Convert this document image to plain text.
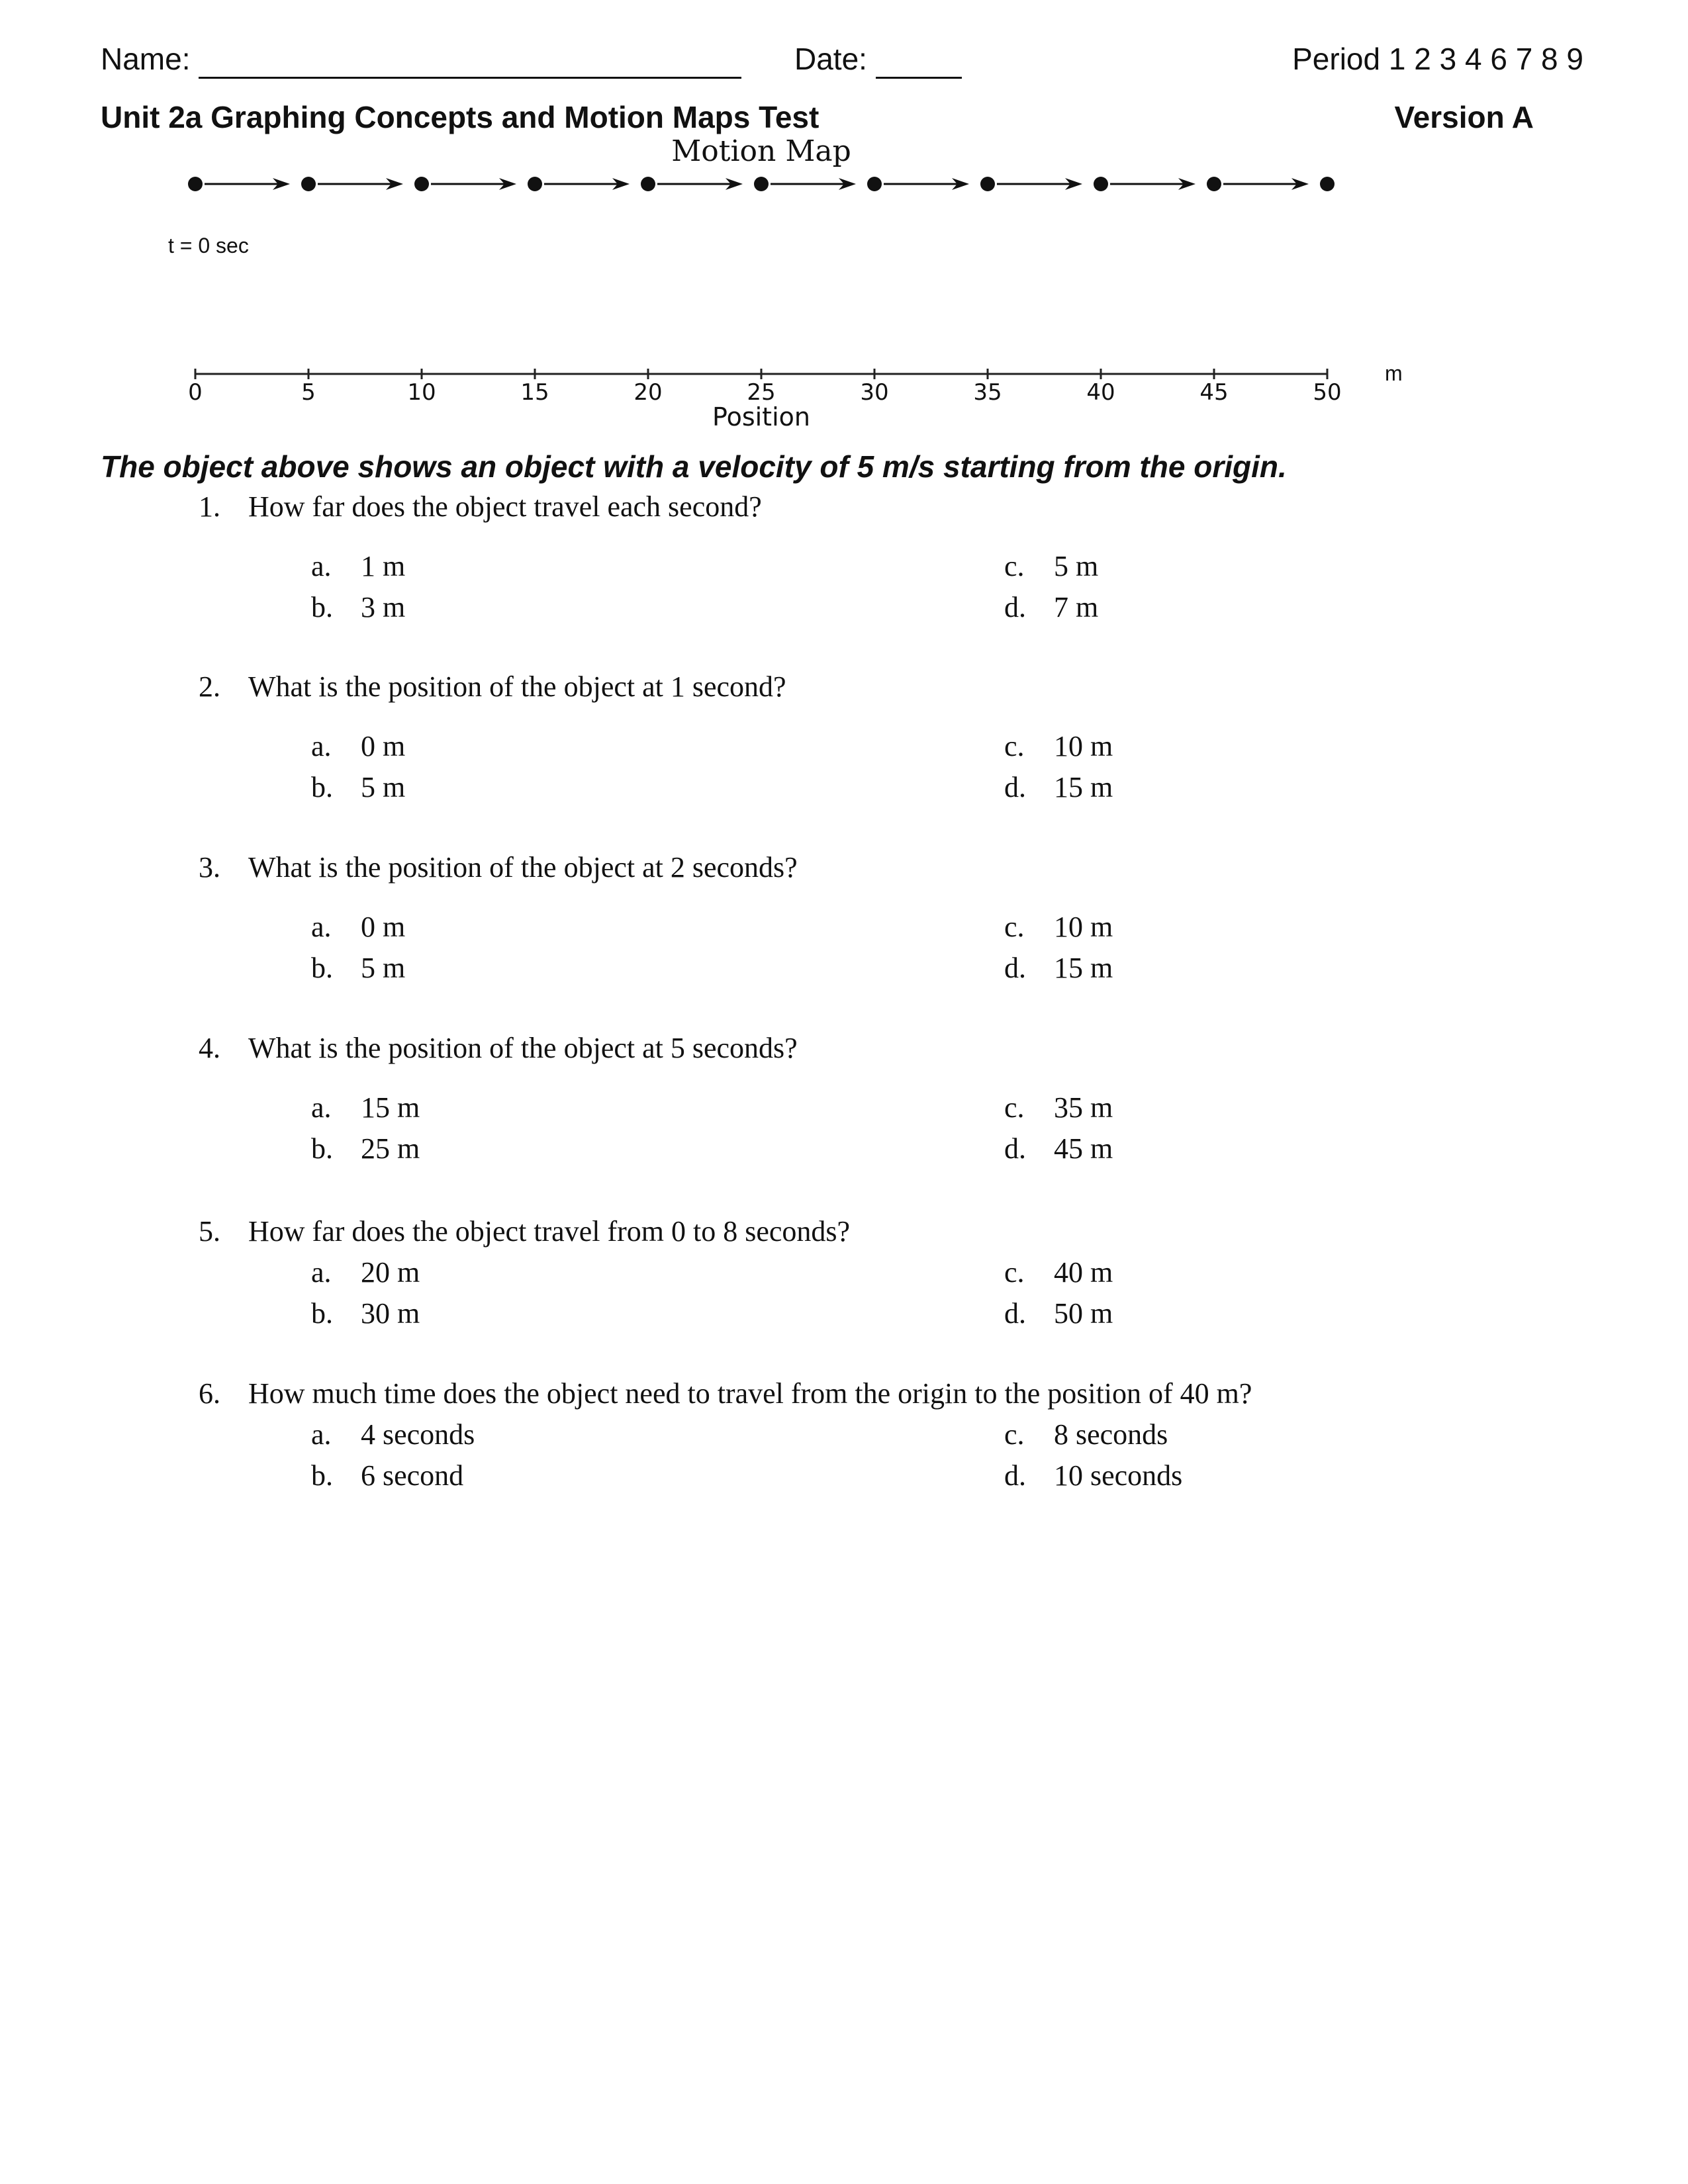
Name:	Date:	Period 1 2 3 4 6 7 8 9
Unit 2a Graphing Concepts and Motion Maps Test	Version A
Motion Map
t = 0 sec
0	5	10	15	20	25	30	35	40	45	50
Position
m
The object above shows an object with a velocity of 5 m/s starting from the origin.
1. How far does the object travel each second?
a. 1 m
b. 3 m
c. 5 m
d. 7 m
2. What is the position of the object at 1 second?
a. 0 m
b. 5 m
c. 10 m
d. 15 m
3. What is the position of the object at 2 seconds?
a. 0 m
b. 5 m
c. 10 m
d. 15 m
4. What is the position of the object at 5 seconds?
a. 15 m
b. 25 m
c. 35 m
d. 45 m
5. How far does the object travel from 0 to 8 seconds?
a. 20 m
b. 30 m
c. 40 m
d. 50 m
6. How much time does the object need to travel from the origin to the position of 40 m?
a. 4 seconds
b. 6 second
c. 8 seconds
d. 10 seconds
